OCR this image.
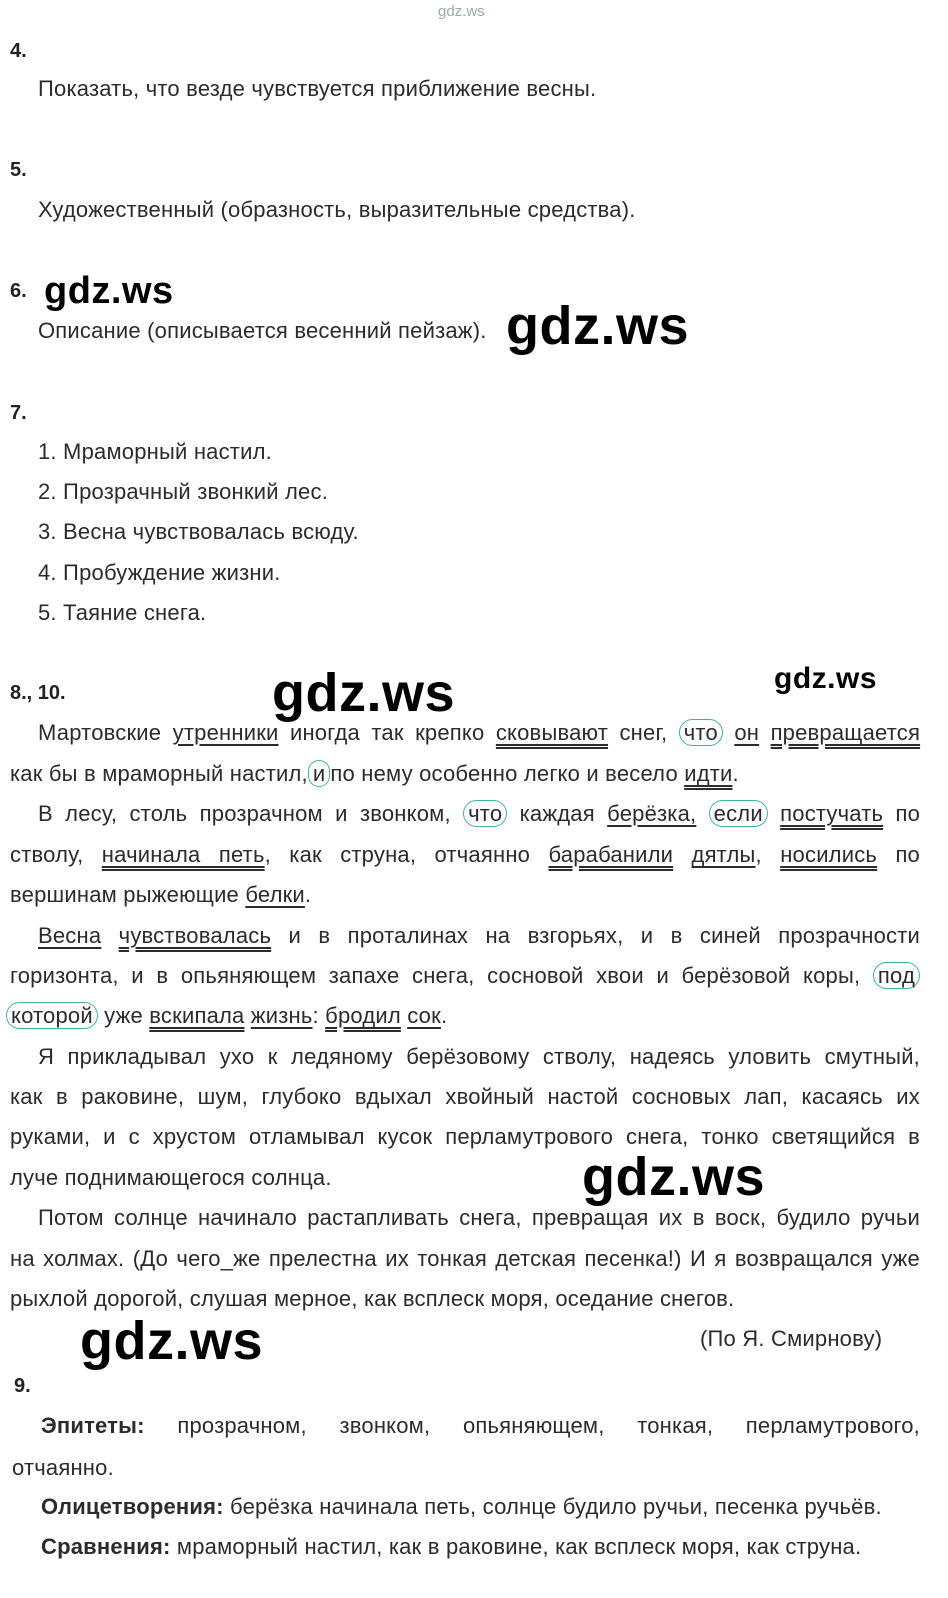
gdz.ws
4.
Показать, что везде чувствуется приближение весны.
5.
Художественный (образность, выразительные средства).
6. gdz.ws
Описание (описывается весенний пейзаж). gdz.ws
7.
1. Мраморный настил.
2. Прозрачный звонкий лес.
3. Весна чувствовалась всюду.
4. Пробуждение жизни.
5. Таяние снега.
8., 10.	gdz.ws	gdz.ws
Мартовские утренники иногда так крепко сковывают снег, что он превращается
как бы в мраморный настил, и по нему особенно легко и весело идти.
В лесу, столь прозрачном и звонком, что каждая берёзка, если постучать по
стволу, начинала петь, как струна, отчаянно барабанили дятлы, носились по
вершинам рыжеющие белки.
Весна чувствовалась и в проталинах на взгорьях, и в синей прозрачности
горизонта, и в опьяняющем запахе снега, сосновой хвои и берёзовой коры, под
которой уже вскипала жизнь: бродил сок.
Я прикладывал ухо к ледяному берёзовому стволу, надеясь уловить смутный,
как в раковине, шум, глубоко вдыхал хвойный настой сосновых лап, касаясь их
руками, и с хрустом отламывал кусок перламутрового снега, тонко светящийся в
луче поднимающегося солнца.	gdz.ws
Потом солнце начинало растапливать снега, превращая их в воск, будило ручьи
на холмах. (До чего_же прелестна их тонкая детская песенка!) И я возвращался уже
рыхлой дорогой, слушая мерное, как всплеск моря, оседание снегов.
gdz.ws	(По Я. Смирнову)
9.
Эпитеты: прозрачном, звонком, опьяняющем, тонкая, перламутрового,
отчаянно.
Олицетворения: берёзка начинала петь, солнце будило ручьи, песенка ручьёв.
Сравнения: мраморный настил, как в раковине, как всплеск моря, как струна.
